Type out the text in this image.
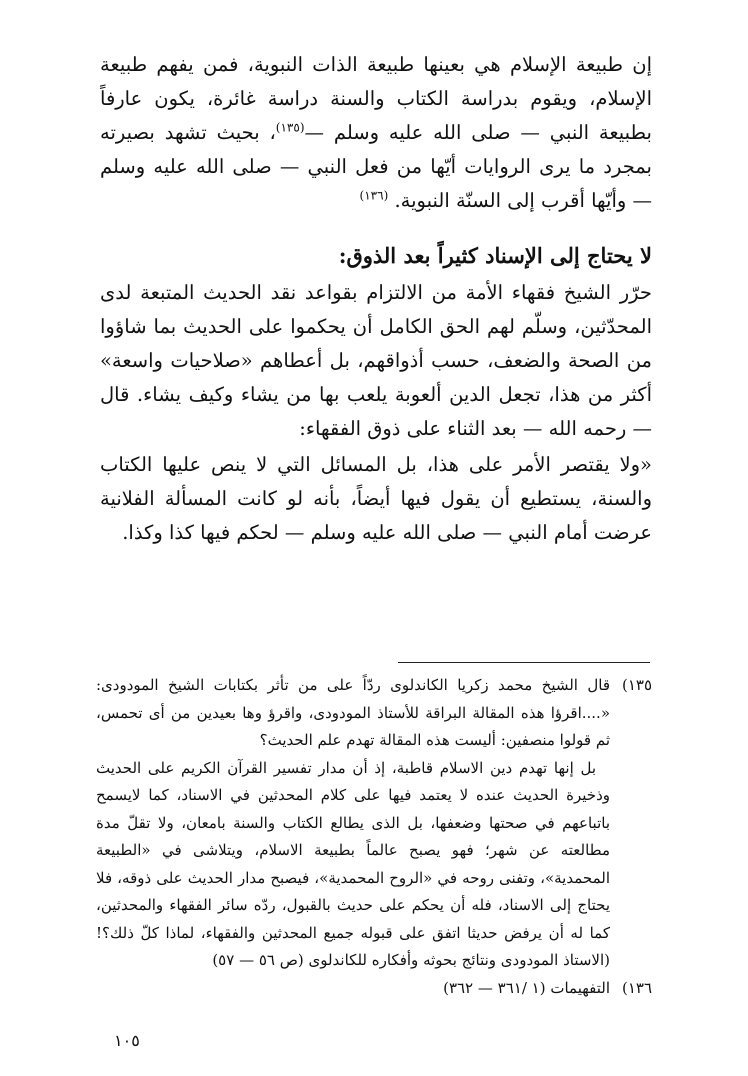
إن طبيعة الإسلام هي بعينها طبيعة الذات النبوية، فمن يفهم طبيعة الإسلام، ويقوم بدراسة الكتاب والسنة دراسة غائرة، يكون عارفاً بطبيعة النبي — صلى الله عليه وسلم —$^{(١٣٥)}$، بحيث تشهد بصيرته بمجرد ما يرى الروايات أيّها من فعل النبي — صلى الله عليه وسلم — وأيّها أقرب إلى السنّة النبوية. $^{(١٣٦)}$

لا يحتاج إلى الإسناد كثيراً بعد الذوق:

حرّر الشيخ فقهاء الأمة من الالتزام بقواعد نقد الحديث المتبعة لدى المحدّثين، وسلّم لهم الحق الكامل أن يحكموا على الحديث بما شاؤوا من الصحة والضعف، حسب أذواقهم، بل أعطاهم «صلاحيات واسعة» أكثر من هذا، تجعل الدين ألعوبة يلعب بها من يشاء وكيف يشاء. قال — رحمه الله — بعد الثناء على ذوق الفقهاء:

«ولا يقتصر الأمر على هذا، بل المسائل التي لا ينص عليها الكتاب والسنة، يستطيع أن يقول فيها أيضاً، بأنه لو كانت المسألة الفلانية عرضت أمام النبي — صلى الله عليه وسلم — لحكم فيها كذا وكذا.

١٣٥)

قال الشيخ محمد زكريا الكاندلوى ردّاً على من تأثر بكتابات الشيخ المودودى: «....اقرؤا هذه المقالة البراقة للأستاذ المودودى، واقرؤ وها بعيدين من أى تحمس، ثم قولوا منصفين: أليست هذه المقالة تهدم علم الحديث؟

بل إنها تهدم دين الاسلام قاطبة، إذ أن مدار تفسير القرآن الكريم على الحديث وذخيرة الحديث عنده لا يعتمد فيها على كلام المحدثين في الاسناد، كما لايسمح باتباعهم في صحتها وضعفها، بل الذى يطالع الكتاب والسنة بامعان، ولا تقلّ مدة مطالعته عن شهر؛ فهو يصبح عالماً بطبيعة الاسلام، ويتلاشى في «الطبيعة المحمدية»، وتفنى روحه في «الروح المحمدية»، فيصبح مدار الحديث على ذوقه، فلا يحتاج إلى الاسناد، فله أن يحكم على حديث بالقبول، ردّه سائر الفقهاء والمحدثين، كما له أن يرفض حديثا اتفق على قبوله جميع المحدثين والفقهاء، لماذا كلّ ذلك؟! (الاستاذ المودودى ونتائج بحوثه وأفكاره للكاندلوى (ص ٥٦ — ٥٧)

١٣٦)

التفهيمات (١ /٣٦١ — ٣٦٢)

١٠٥
